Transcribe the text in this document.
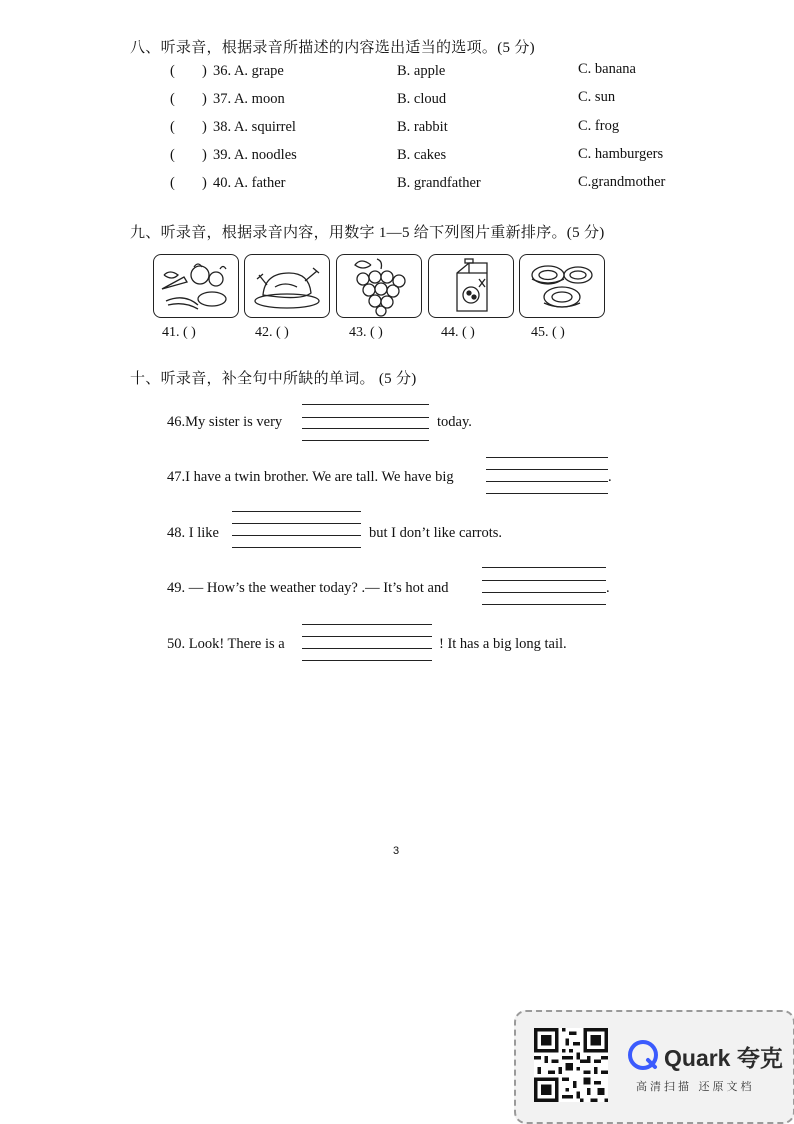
八、听录音，根据录音所描述的内容选出适当的选项。(5 分)
( ) 36. A. grape	B. apple	C. banana
( ) 37. A. moon	B. cloud	C. sun
( ) 38. A. squirrel	B. rabbit	C. frog
( ) 39. A. noodles	B. cakes	C. hamburgers
( ) 40. A. father	B. grandfather	C.grandmother
九、听录音，根据录音内容，用数字 1—5 给下列图片重新排序。(5 分)
41. ( )	42. ( )	43. ( )	44. ( )	45. ( )
十、听录音，补全句中所缺的单词。 (5 分)
46.My sister is very	today.
47.I have a twin brother. We are tall. We have big	.
48. I like	but I don’t like carrots.
49. — How’s the weather today? .— It’s hot and	.
50. Look! There is a	! It has a big long tail.
3
Quark 夸克
高清扫描 还原文档
